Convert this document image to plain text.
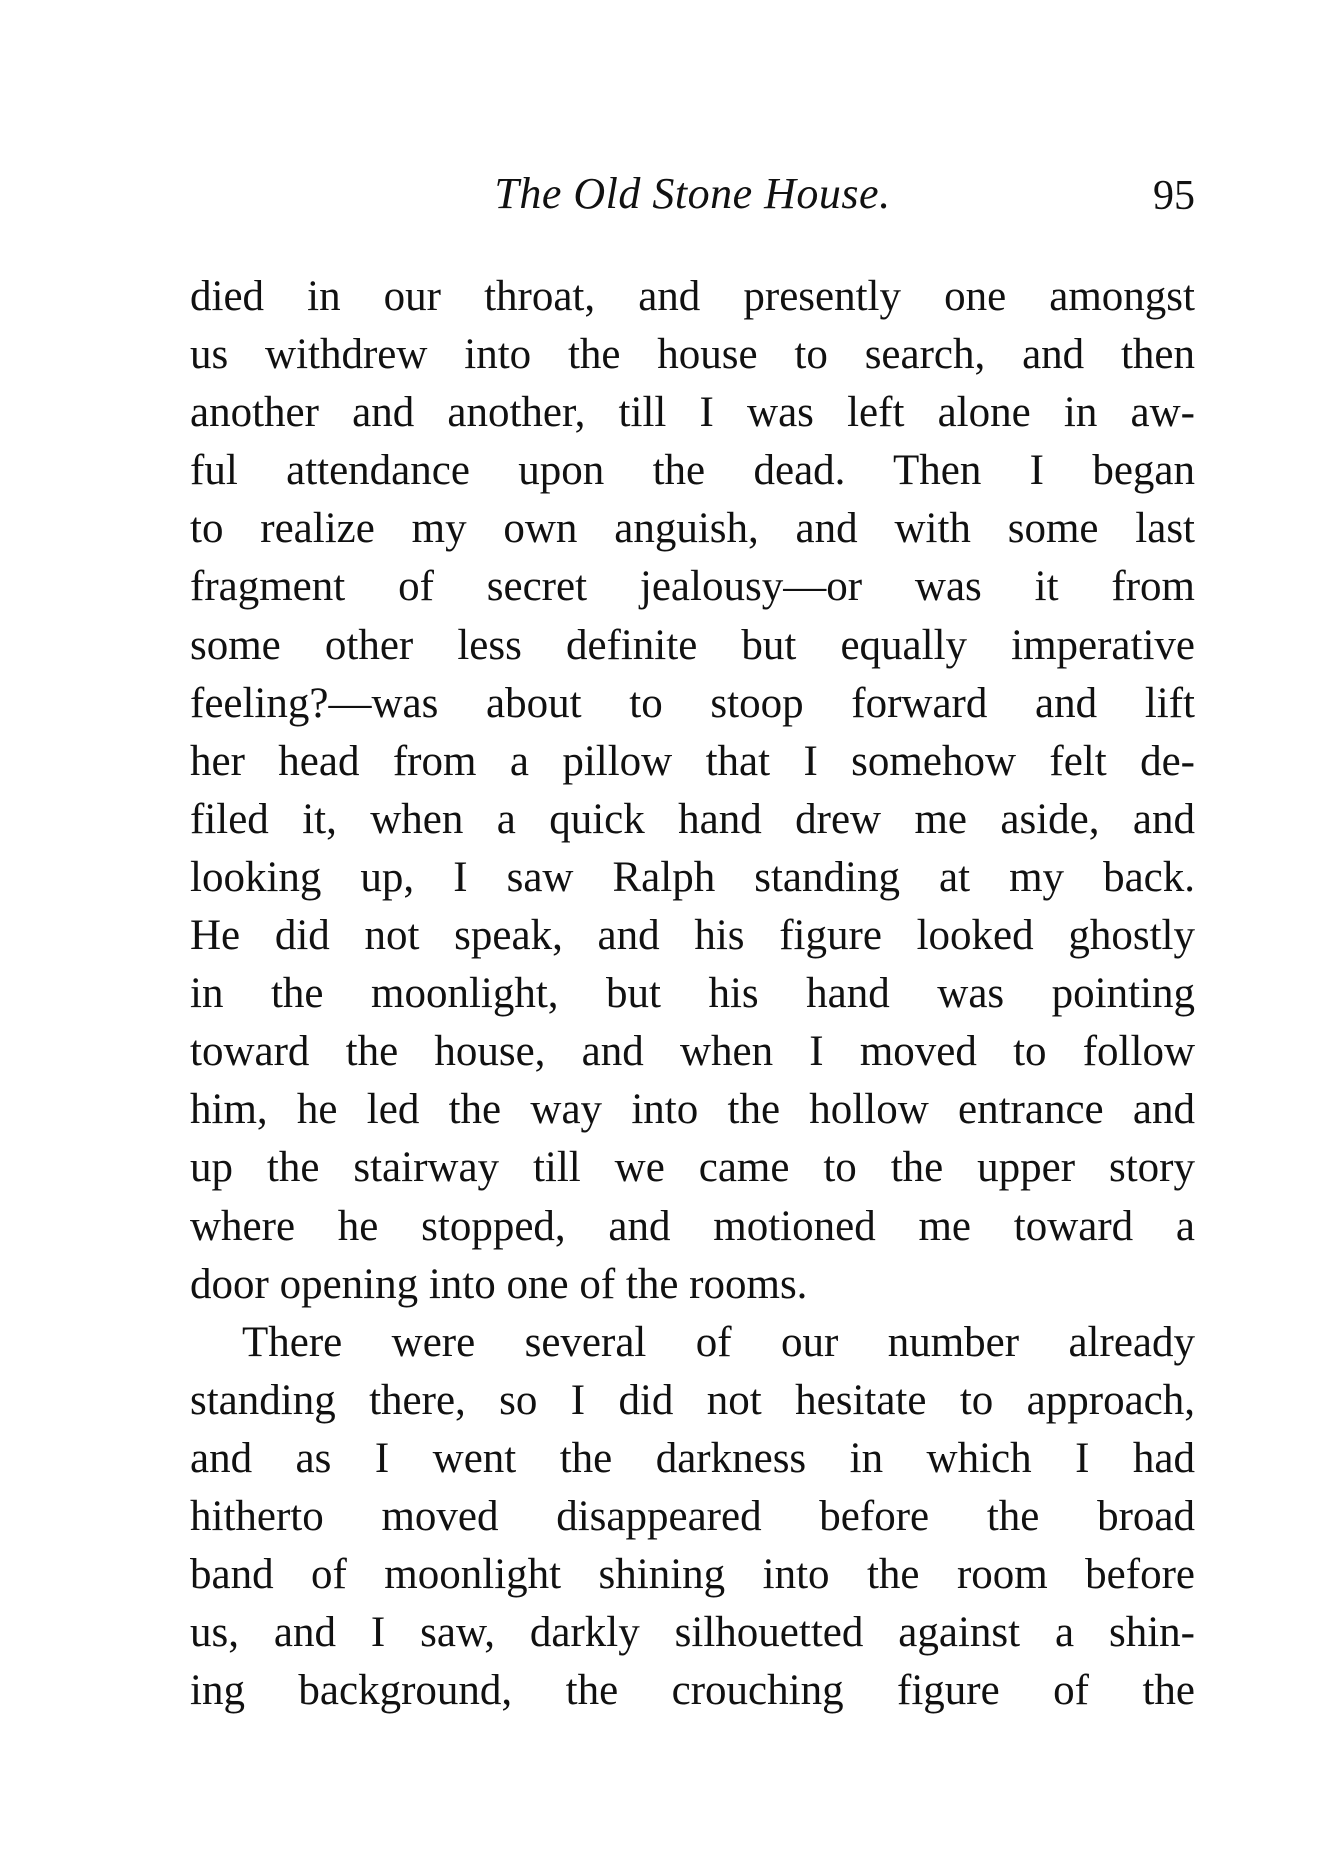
The Old Stone House.	95
died in our throat, and presently one amongst
us withdrew into the house to search, and then
another and another, till I was left alone in aw-
ful attendance upon the dead. Then I began
to realize my own anguish, and with some last
fragment of secret jealousy—or was it from
some other less definite but equally imperative
feeling?—was about to stoop forward and lift
her head from a pillow that I somehow felt de-
filed it, when a quick hand drew me aside, and
looking up, I saw Ralph standing at my back.
He did not speak, and his figure looked ghostly
in the moonlight, but his hand was pointing
toward the house, and when I moved to follow
him, he led the way into the hollow entrance and
up the stairway till we came to the upper story
where he stopped, and motioned me toward a
door opening into one of the rooms.
There were several of our number already
standing there, so I did not hesitate to approach,
and as I went the darkness in which I had
hitherto moved disappeared before the broad
band of moonlight shining into the room before
us, and I saw, darkly silhouetted against a shin-
ing background, the crouching figure of the
